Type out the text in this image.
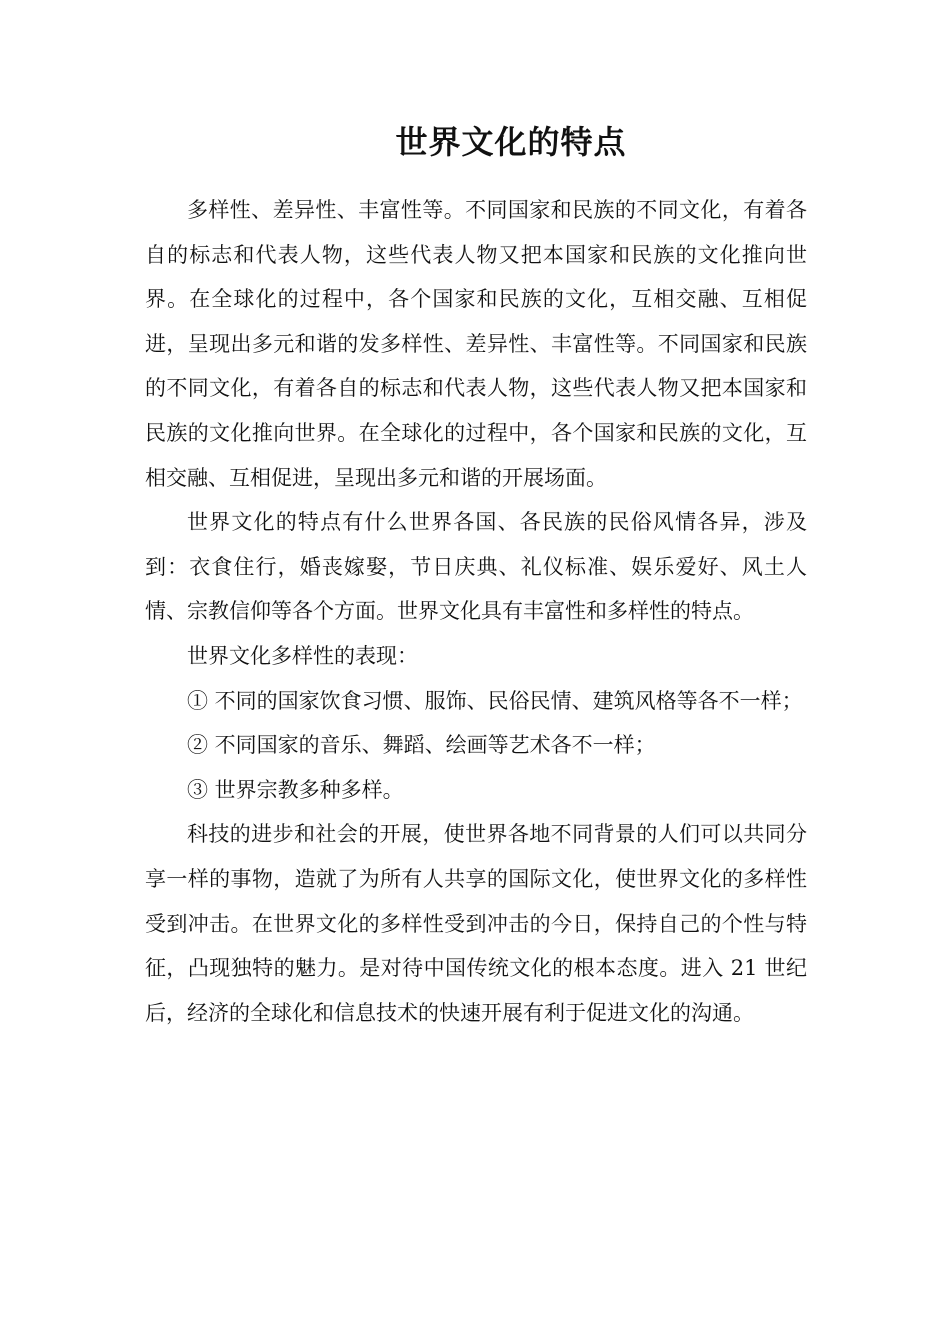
世界文化的特点

多样性、差异性、丰富性等。不同国家和民族的不同文化，有着各自的标志和代表人物，这些代表人物又把本国家和民族的文化推向世界。在全球化的过程中，各个国家和民族的文化，互相交融、互相促进，呈现出多元和谐的发多样性、差异性、丰富性等。不同国家和民族的不同文化，有着各自的标志和代表人物，这些代表人物又把本国家和民族的文化推向世界。在全球化的过程中，各个国家和民族的文化，互相交融、互相促进，呈现出多元和谐的开展场面。

世界文化的特点有什么世界各国、各民族的民俗风情各异，涉及到：衣食住行，婚丧嫁娶，节日庆典、礼仪标准、娱乐爱好、风土人情、宗教信仰等各个方面。世界文化具有丰富性和多样性的特点。

世界文化多样性的表现：

① 不同的国家饮食习惯、服饰、民俗民情、建筑风格等各不一样；

② 不同国家的音乐、舞蹈、绘画等艺术各不一样；

③ 世界宗教多种多样。

科技的进步和社会的开展，使世界各地不同背景的人们可以共同分享一样的事物，造就了为所有人共享的国际文化，使世界文化的多样性受到冲击。在世界文化的多样性受到冲击的今日，保持自己的个性与特征，凸现独特的魅力。是对待中国传统文化的根本态度。进入 21 世纪后，经济的全球化和信息技术的快速开展有利于促进文化的沟通。
